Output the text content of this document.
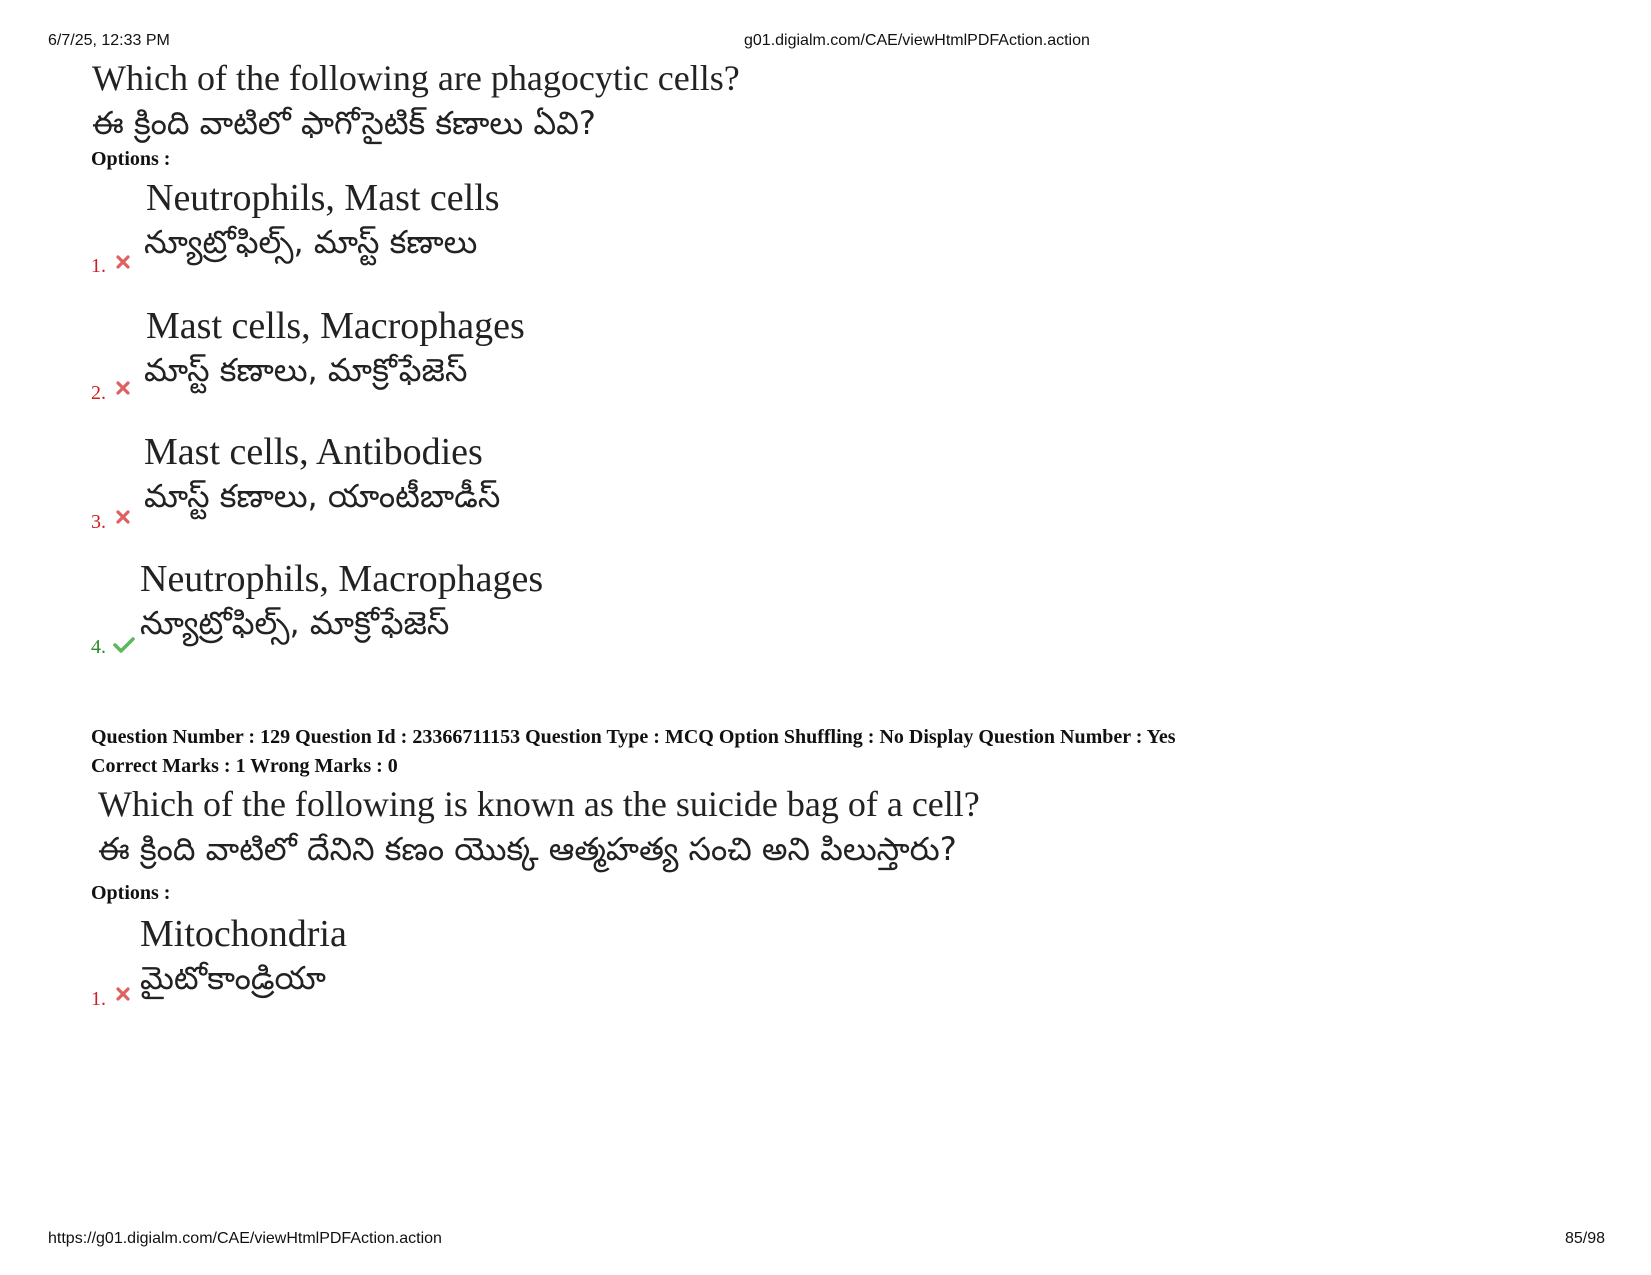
6/7/25, 12:33 PM	g01.digialm.com/CAE/viewHtmlPDFAction.action
Which of the following are phagocytic cells?
ఈ క్రింది వాటిలో ఫాగోసైటిక్ కణాలు ఏవి?
Options :
Neutrophils, Mast cells
న్యూట్రోఫిల్స్, మాస్ట్ కణాలు
1.
Mast cells, Macrophages
మాస్ట్ కణాలు, మాక్రోఫేజెస్
2.
Mast cells, Antibodies
మాస్ట్ కణాలు, యాంటీబాడీస్
3.
Neutrophils, Macrophages
న్యూట్రోఫిల్స్, మాక్రోఫేజెస్
4.
Question Number : 129 Question Id : 23366711153 Question Type : MCQ Option Shuffling : No Display Question Number : Yes
Correct Marks : 1 Wrong Marks : 0
Which of the following is known as the suicide bag of a cell?
ఈ క్రింది వాటిలో దేనిని కణం యొక్క ఆత్మహత్య సంచి అని పిలుస్తారు?
Options :
Mitochondria
మైటోకాండ్రియా
1.
https://g01.digialm.com/CAE/viewHtmlPDFAction.action	85/98
